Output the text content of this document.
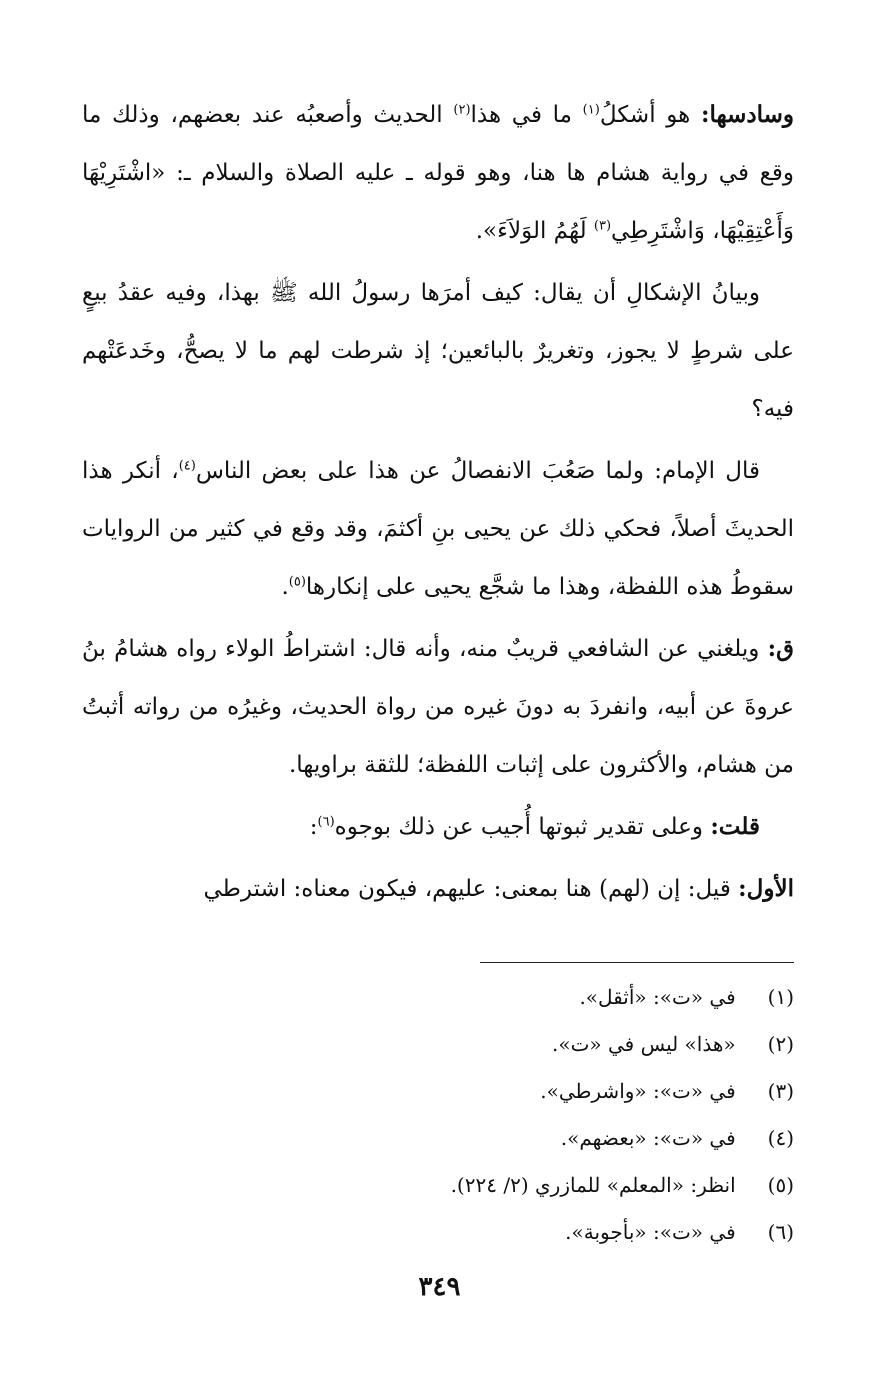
وسادسها: هو أشكلُ$^{(١)}$ ما في هذا$^{(٢)}$ الحديث وأصعبُه عند بعضهم، وذلك ما وقع في رواية هشام ها هنا، وهو قوله ـ عليه الصلاة والسلام ـ: «اشْتَرِيْهَا وَأَعْتِقِيْهَا، وَاشْتَرِطِي$^{(٣)}$ لَهُمُ الوَلاَءَ».

وبيانُ الإشكالِ أن يقال: كيف أمرَها رسولُ الله ﷺ بهذا، وفيه عقدُ بيعٍ على شرطٍ لا يجوز، وتغريرٌ بالبائعين؛ إذ شرطت لهم ما لا يصحُّ، وخَدعَتْهم فيه؟

قال الإمام: ولما صَعُبَ الانفصالُ عن هذا على بعض الناس$^{(٤)}$، أنكر هذا الحديثَ أصلاً، فحكي ذلك عن يحيى بنِ أكثمَ، وقد وقع في كثير من الروايات سقوطُ هذه اللفظة، وهذا ما شجَّع يحيى على إنكارها$^{(٥)}$.

ق: ويلغني عن الشافعي قريبٌ منه، وأنه قال: اشتراطُ الولاء رواه هشامُ بنُ عروةَ عن أبيه، وانفردَ به دونَ غيره من رواة الحديث، وغيرُه من رواته أثبتُ من هشام، والأكثرون على إثبات اللفظة؛ للثقة براويها.

قلت: وعلى تقدير ثبوتها أُجيب عن ذلك بوجوه$^{(٦)}$:

الأول: قيل: إن (لهم) هنا بمعنى: عليهم، فيكون معناه: اشترطي

(١) في «ت»: «أثقل».
(٢) «هذا» ليس في «ت».
(٣) في «ت»: «واشرطي».
(٤) في «ت»: «بعضهم».
(٥) انظر: «المعلم» للمازري (٢/ ٢٢٤).
(٦) في «ت»: «بأجوبة».
٣٤٩
